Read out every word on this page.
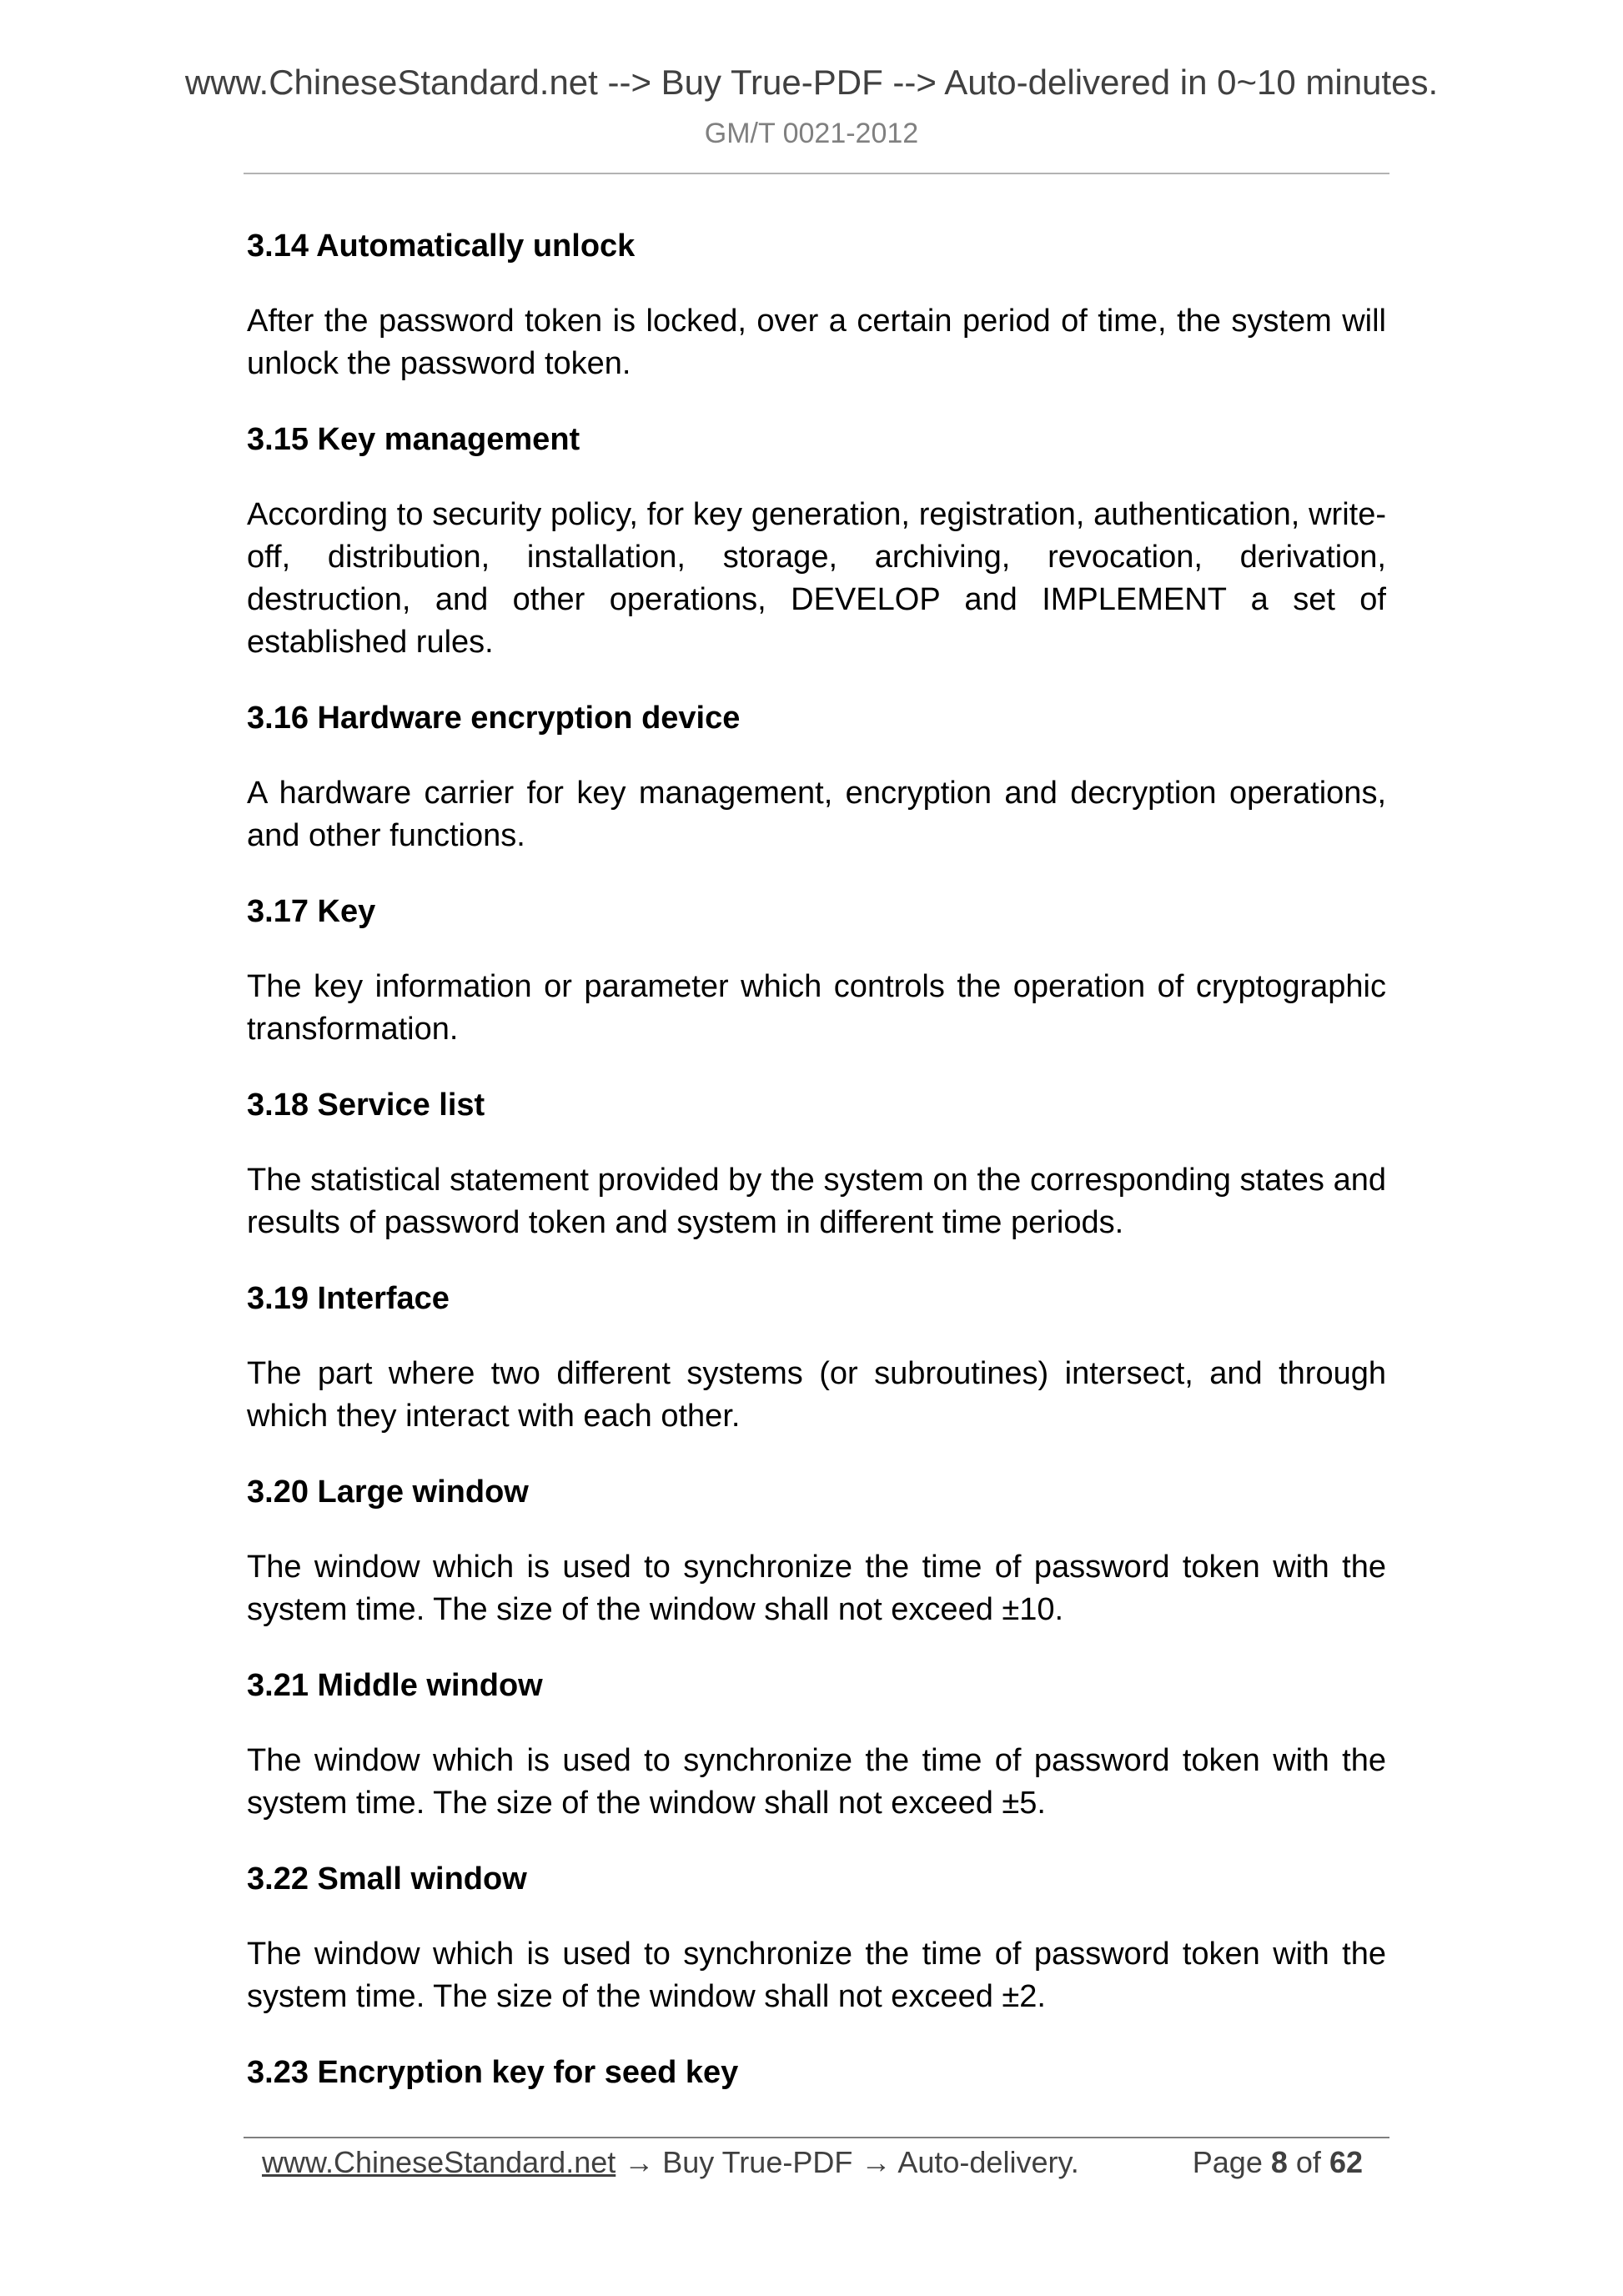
www.ChineseStandard.net --> Buy True-PDF --> Auto-delivered in 0~10 minutes.
GM/T 0021-2012
3.14 Automatically unlock
After the password token is locked, over a certain period of time, the system will unlock the password token.
3.15 Key management
According to security policy, for key generation, registration, authentication, write-off, distribution, installation, storage, archiving, revocation, derivation, destruction, and other operations, DEVELOP and IMPLEMENT a set of established rules.
3.16 Hardware encryption device
A hardware carrier for key management, encryption and decryption operations, and other functions.
3.17 Key
The key information or parameter which controls the operation of cryptographic transformation.
3.18 Service list
The statistical statement provided by the system on the corresponding states and results of password token and system in different time periods.
3.19 Interface
The part where two different systems (or subroutines) intersect, and through which they interact with each other.
3.20 Large window
The window which is used to synchronize the time of password token with the system time. The size of the window shall not exceed ±10.
3.21 Middle window
The window which is used to synchronize the time of password token with the system time. The size of the window shall not exceed ±5.
3.22 Small window
The window which is used to synchronize the time of password token with the system time. The size of the window shall not exceed ±2.
3.23 Encryption key for seed key
www.ChineseStandard.net → Buy True-PDF → Auto-delivery.	Page 8 of 62
